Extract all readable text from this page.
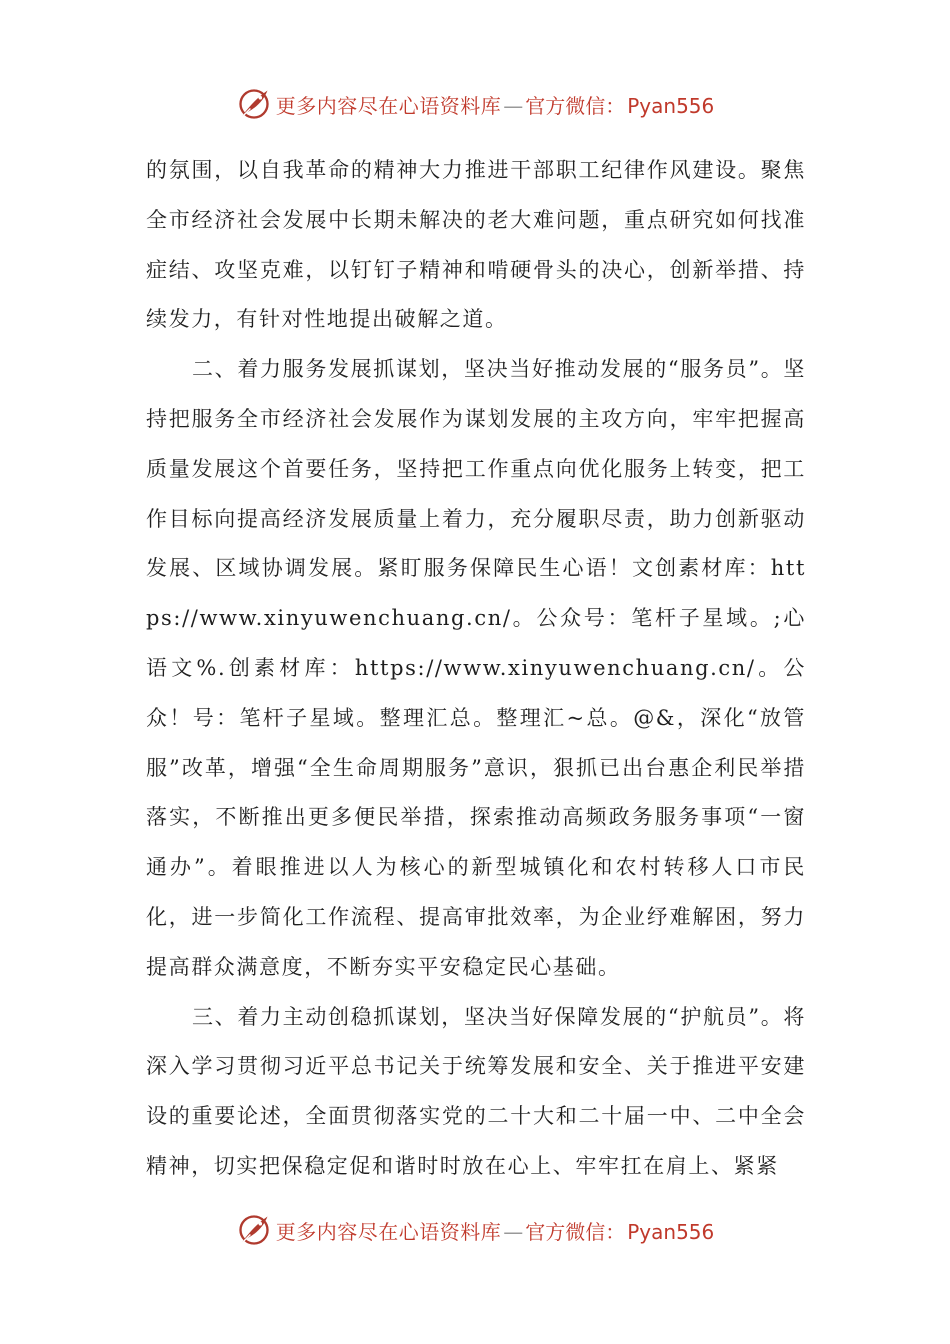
更多内容尽在心语资料库 — 官方微信： Pyan556

的氛围，以自我革命的精神大力推进干部职工纪律作风建设。聚焦全市经济社会发展中长期未解决的老大难问题，重点研究如何找准症结、攻坚克难，以钉钉子精神和啃硬骨头的决心，创新举措、持续发力，有针对性地提出破解之道。

二、着力服务发展抓谋划，坚决当好推动发展的“服务员”。坚持把服务全市经济社会发展作为谋划发展的主攻方向，牢牢把握高质量发展这个首要任务，坚持把工作重点向优化服务上转变，把工作目标向提高经济发展质量上着力，充分履职尽责，助力创新驱动发展、区域协调发展。紧盯服务保障民生心语！文创素材库：https://www.xinyuwenchuang.cn/。公众号：笔杆子星域。;心语文%.创素材库：https://www.xinyuwenchuang.cn/。公众！号：笔杆子星域。整理汇总。整理汇~总。@&，深化“放管服”改革，增强“全生命周期服务”意识，狠抓已出台惠企利民举措落实，不断推出更多便民举措，探索推动高频政务服务事项“一窗通办”。着眼推进以人为核心的新型城镇化和农村转移人口市民化，进一步简化工作流程、提高审批效率，为企业纾难解困，努力提高群众满意度，不断夯实平安稳定民心基础。

三、着力主动创稳抓谋划，坚决当好保障发展的“护航员”。将深入学习贯彻习近平总书记关于统筹发展和安全、关于推进平安建设的重要论述，全面贯彻落实党的二十大和二十届一中、二中全会精神，切实把保稳定促和谐时时放在心上、牢牢扛在肩上、紧紧

更多内容尽在心语资料库 — 官方微信： Pyan556
